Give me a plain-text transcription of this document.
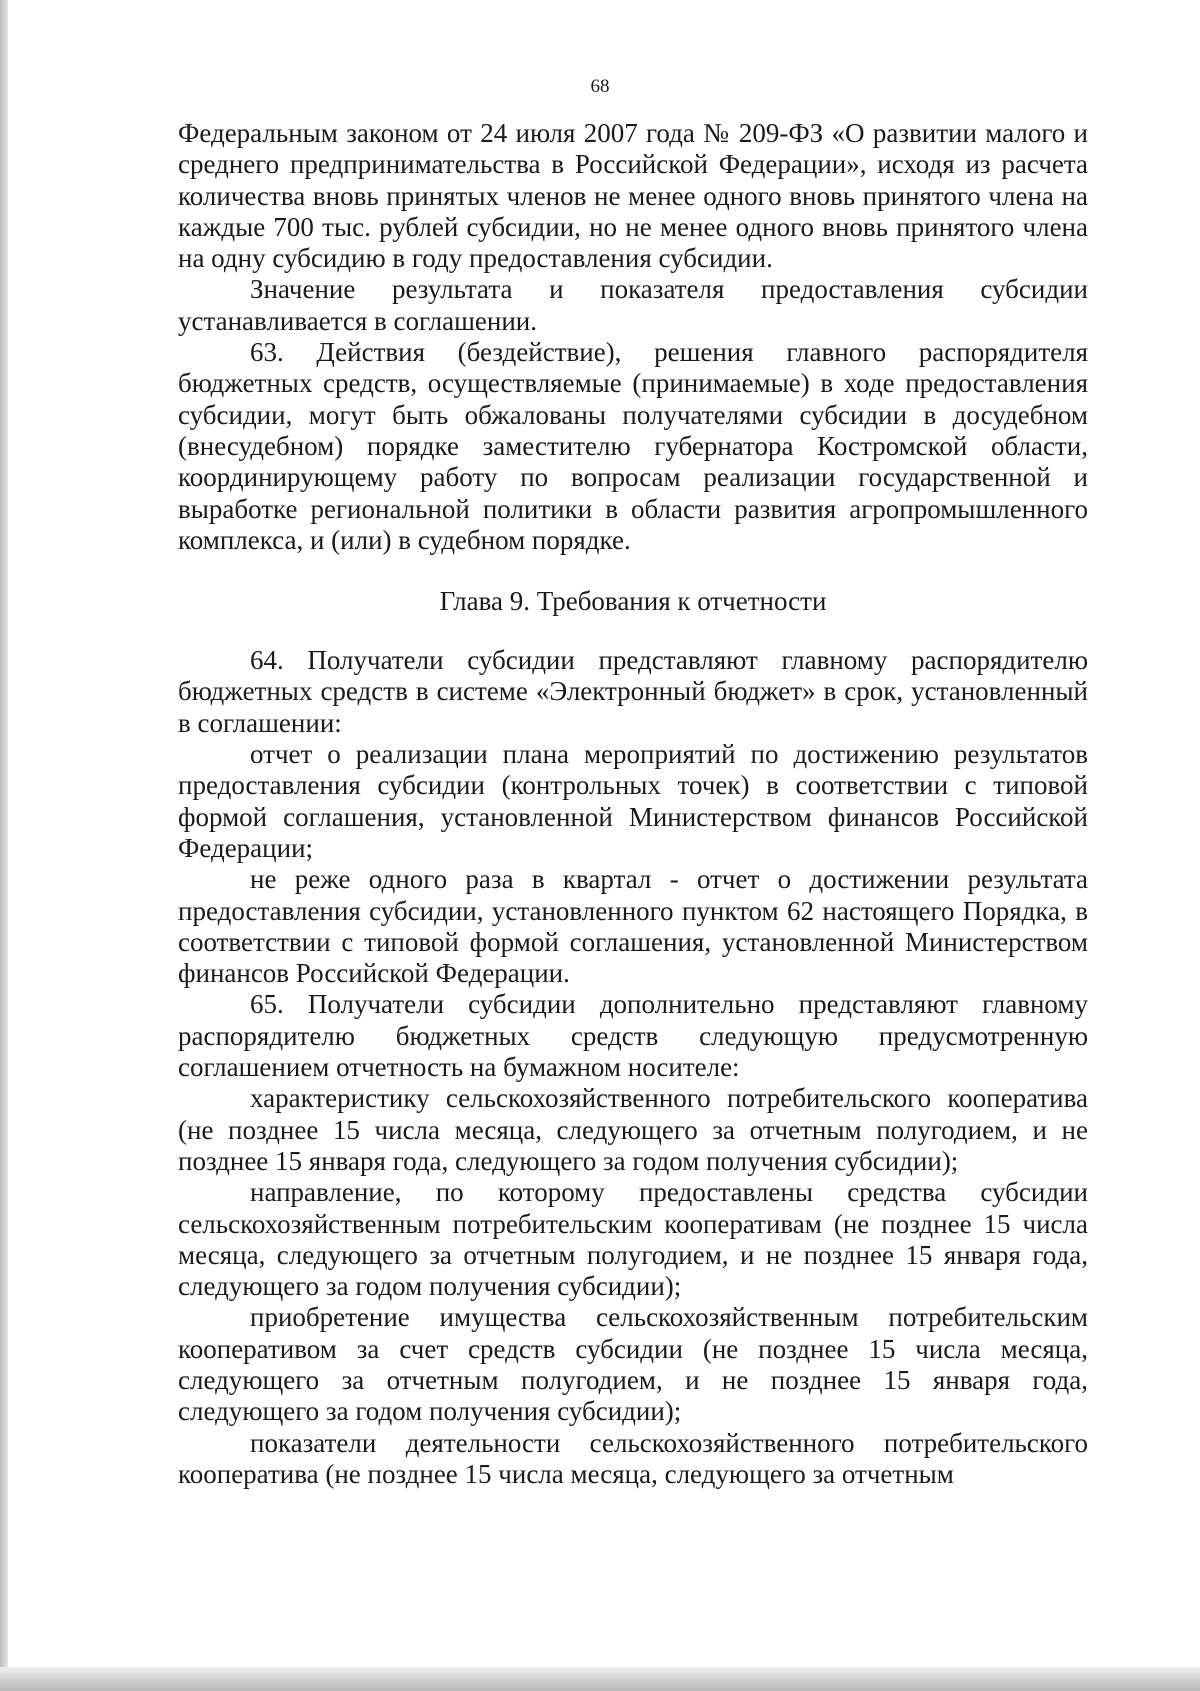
68

Федеральным законом от 24 июля 2007 года № 209-ФЗ «О развитии малого и среднего предпринимательства в Российской Федерации», исходя из расчета количества вновь принятых членов не менее одного вновь принятого члена на каждые 700 тыс. рублей субсидии, но не менее одного вновь принятого члена на одну субсидию в году предоставления субсидии.

Значение результата и показателя предоставления субсидии устанавливается в соглашении.

63. Действия (бездействие), решения главного распорядителя бюджетных средств, осуществляемые (принимаемые) в ходе предоставления субсидии, могут быть обжалованы получателями субсидии в досудебном (внесудебном) порядке заместителю губернатора Костромской области, координирующему работу по вопросам реализации государственной и выработке региональной политики в области развития агропромышленного комплекса, и (или) в судебном порядке.

Глава 9. Требования к отчетности

64. Получатели субсидии представляют главному распорядителю бюджетных средств в системе «Электронный бюджет» в срок, установленный в соглашении:

отчет о реализации плана мероприятий по достижению результатов предоставления субсидии (контрольных точек) в соответствии с типовой формой соглашения, установленной Министерством финансов Российской Федерации;

не реже одного раза в квартал - отчет о достижении результата предоставления субсидии, установленного пунктом 62 настоящего Порядка, в соответствии с типовой формой соглашения, установленной Министерством финансов Российской Федерации.

65. Получатели субсидии дополнительно представляют главному распорядителю бюджетных средств следующую предусмотренную соглашением отчетность на бумажном носителе:

характеристику сельскохозяйственного потребительского кооператива (не позднее 15 числа месяца, следующего за отчетным полугодием, и не позднее 15 января года, следующего за годом получения субсидии);

направление, по которому предоставлены средства субсидии сельскохозяйственным потребительским кооперативам (не позднее 15 числа месяца, следующего за отчетным полугодием, и не позднее 15 января года, следующего за годом получения субсидии);

приобретение имущества сельскохозяйственным потребительским кооперативом за счет средств субсидии (не позднее 15 числа месяца, следующего за отчетным полугодием, и не позднее 15 января года, следующего за годом получения субсидии);

показатели деятельности сельскохозяйственного потребительского кооператива (не позднее 15 числа месяца, следующего за отчетным
